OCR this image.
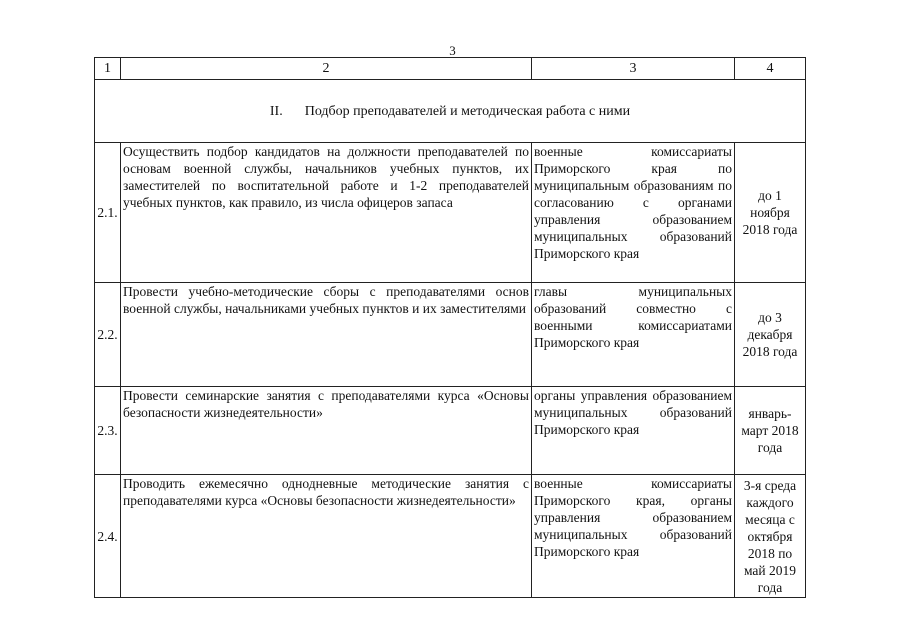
3
1	2	3	4
II. Подбор преподавателей и методическая работа с ними			
2.1.	Осуществить подбор кандидатов на должности преподавателей по основам военной службы, начальников учебных пунктов, их заместителей по воспитательной работе и 1-2 преподавателей учебных пунктов, как правило, из числа офицеров запаса	военные комиссариаты Приморского края по муниципальным образованиям по согласованию с органами управления образованием муниципальных образований Приморского края	до 1 ноября 2018 года
2.2.	Провести учебно-методические сборы с преподавателями основ военной службы, начальниками учебных пунктов и их заместителями	главы муниципальных образований совместно с военными комиссариатами Приморского края	до 3 декабря 2018 года
2.3.	Провести семинарские занятия с преподавателями курса «Основы безопасности жизнедеятельности»	органы управления образованием муниципальных образований Приморского края	январь-март 2018 года
2.4.	Проводить ежемесячно однодневные методические занятия с преподавателями курса «Основы безопасности жизнедеятельности»	военные комиссариаты Приморского края, органы управления образованием муниципальных образований Приморского края	3-я среда каждого месяца с октября 2018 по май 2019 года
